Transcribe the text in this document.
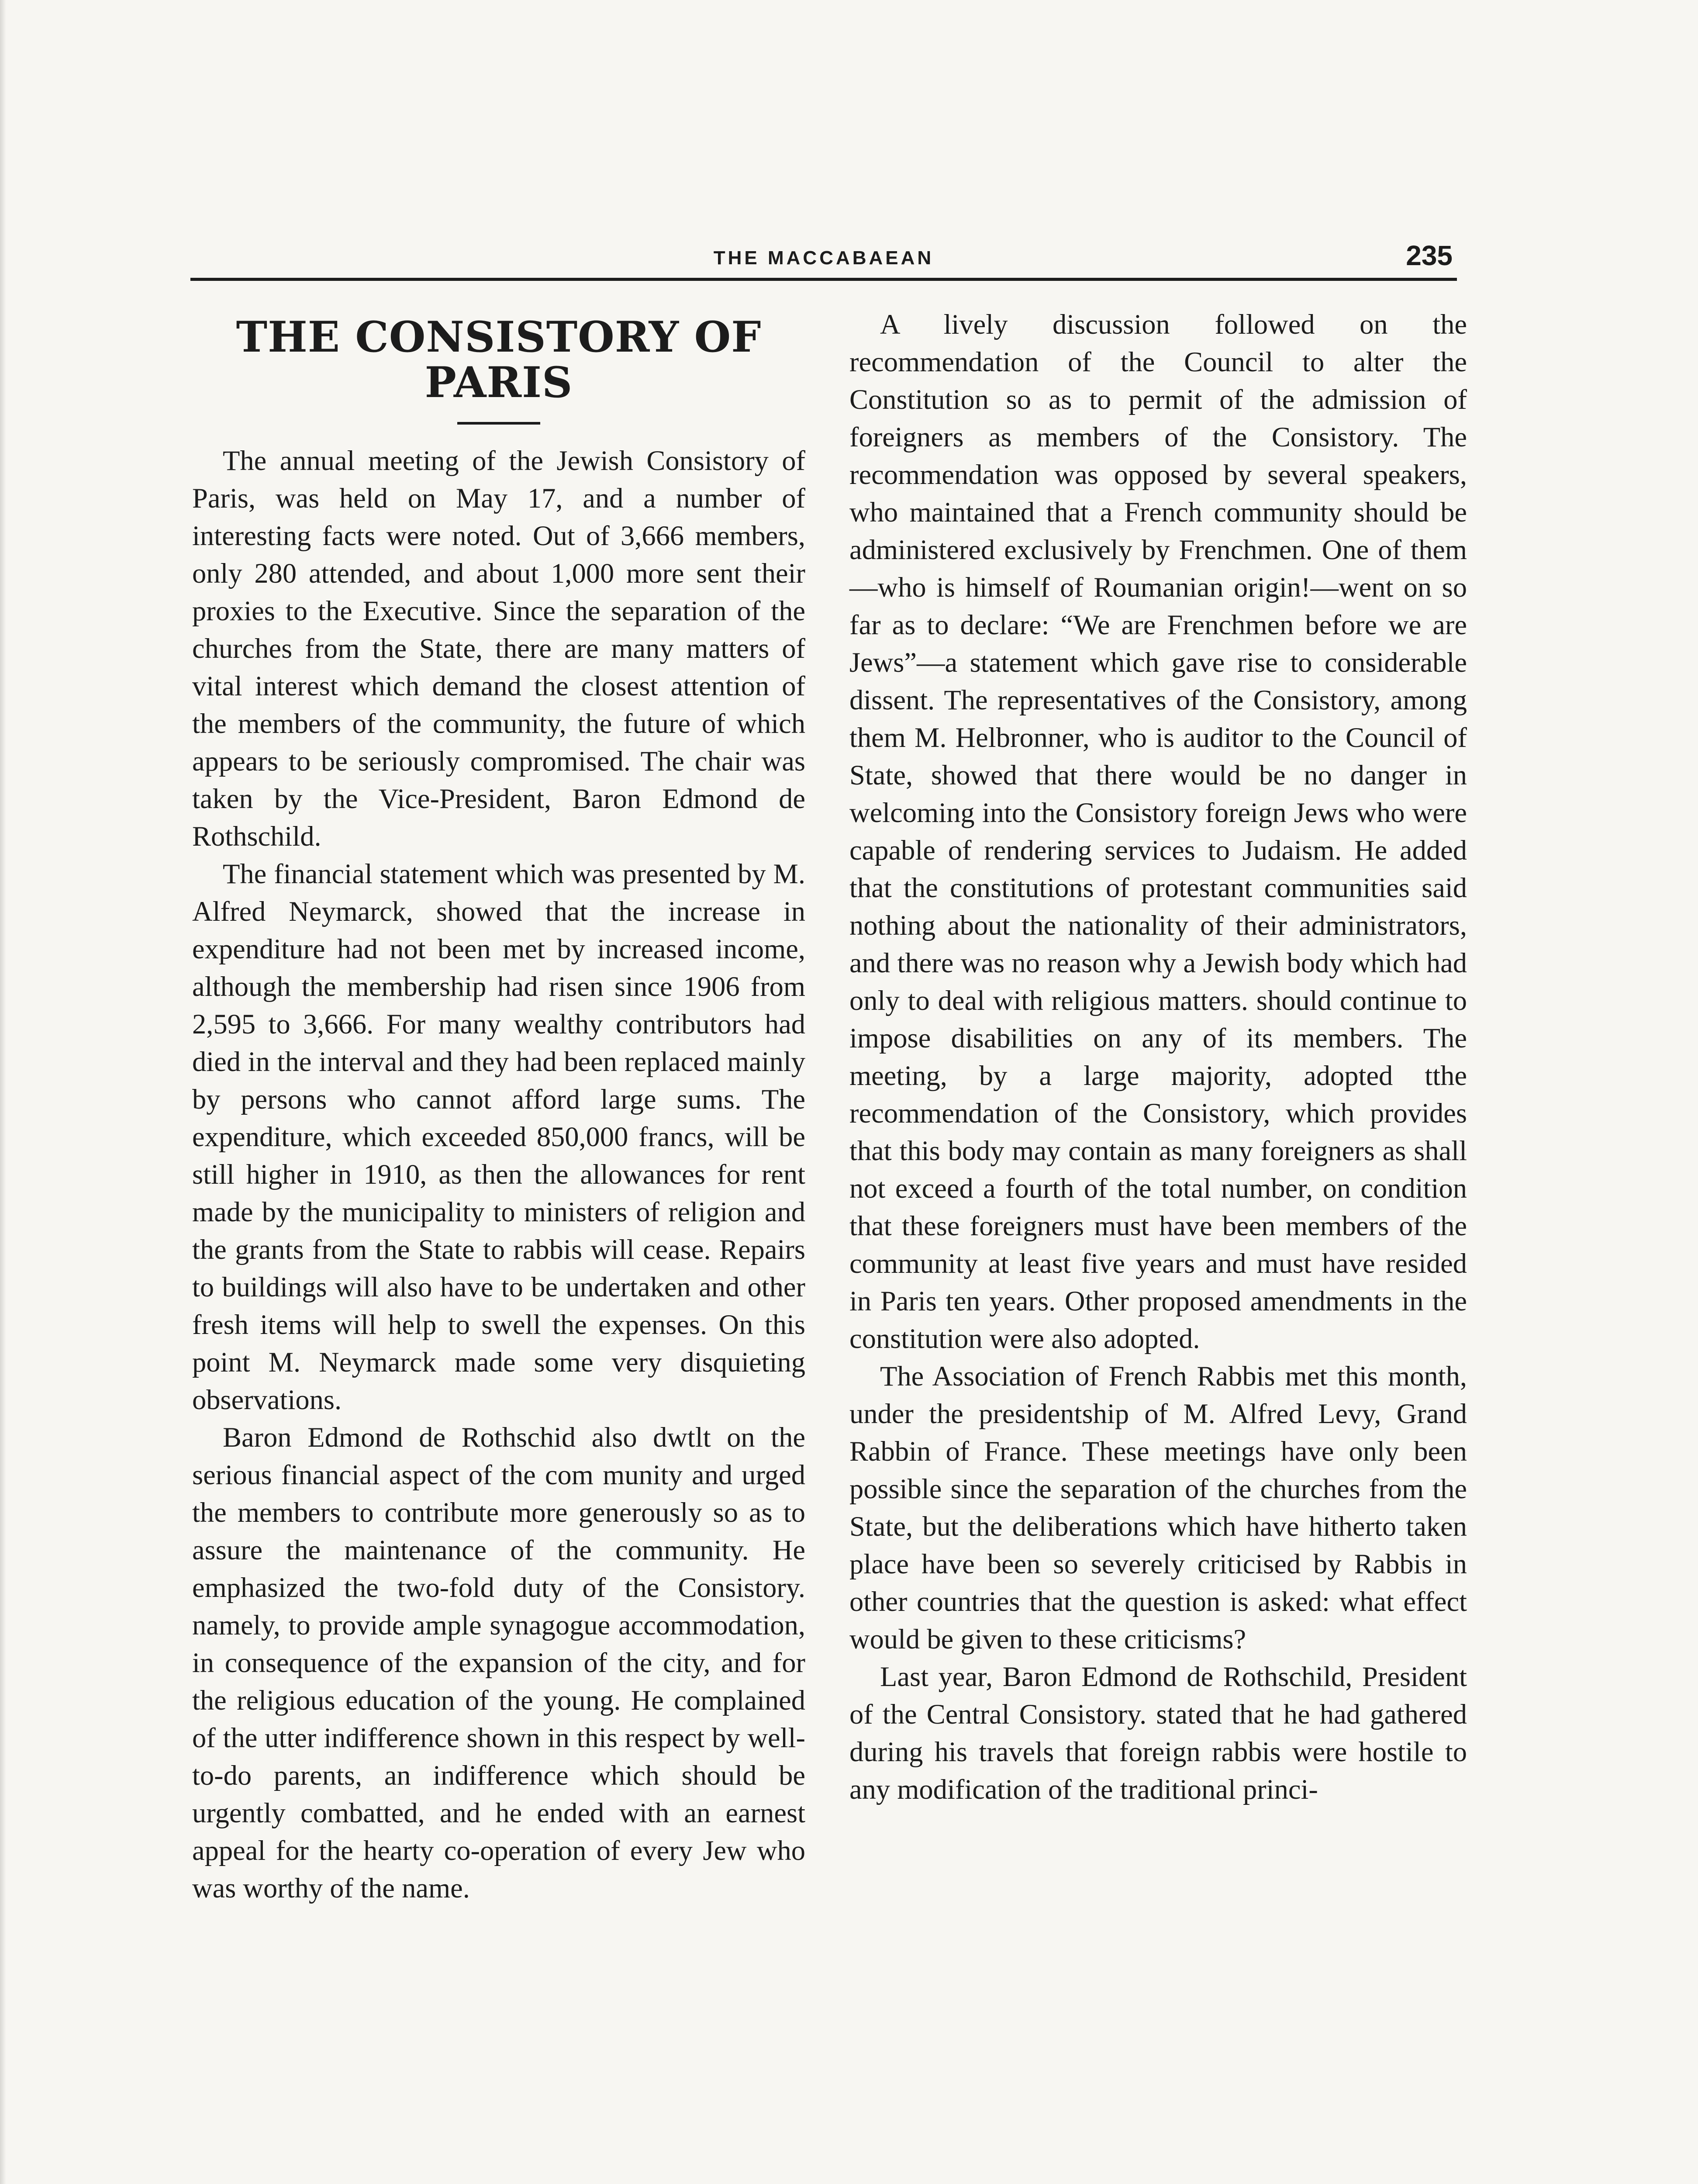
THE MACCABAEAN	235
THE CONSISTORY OF
PARIS

The annual meeting of the Jewish Consistory of Paris, was held on May 17, and a number of interesting facts were noted. Out of 3,666 members, only 280 attended, and about 1,000 more sent their proxies to the Executive. Since the separation of the churches from the State, there are many matters of vital interest which demand the closest attention of the members of the community, the future of which appears to be seriously compromised. The chair was taken by the Vice-President, Baron Edmond de Rothschild.

The financial statement which was presented by M. Alfred Neymarck, showed that the increase in expenditure had not been met by increased income, although the membership had risen since 1906 from 2,595 to 3,666. For many wealthy contributors had died in the interval and they had been replaced mainly by persons who cannot afford large sums. The expenditure, which exceeded 850,000 francs, will be still higher in 1910, as then the allowances for rent made by the municipality to ministers of religion and the grants from the State to rabbis will cease. Repairs to buildings will also have to be undertaken and other fresh items will help to swell the expenses. On this point M. Neymarck made some very disquieting observations.

Baron Edmond de Rothschid also dwtlt on the serious financial aspect of the com munity and urged the members to contribute more generously so as to assure the maintenance of the community. He emphasized the two-fold duty of the Consistory. namely, to provide ample synagogue accommodation, in consequence of the expansion of the city, and for the religious education of the young. He complained of the utter indifference shown in this respect by well-to-do parents, an indifference which should be urgently combatted, and he ended with an earnest appeal for the hearty co-operation of every Jew who was worthy of the name.

A lively discussion followed on the recommendation of the Council to alter the Constitution so as to permit of the admission of foreigners as members of the Consistory. The recommendation was opposed by several speakers, who maintained that a French community should be administered exclusively by Frenchmen. One of them—who is himself of Roumanian origin!—went on so far as to declare: “We are Frenchmen before we are Jews”—a statement which gave rise to considerable dissent. The representatives of the Consistory, among them M. Helbronner, who is auditor to the Council of State, showed that there would be no danger in welcoming into the Consistory foreign Jews who were capable of rendering services to Judaism. He added that the constitutions of protestant communities said nothing about the nationality of their administrators, and there was no reason why a Jewish body which had only to deal with religious matters. should continue to impose disabilities on any of its members. The meeting, by a large majority, adopted tthe recommendation of the Consistory, which provides that this body may contain as many foreigners as shall not exceed a fourth of the total number, on condition that these foreigners must have been members of the community at least five years and must have resided in Paris ten years. Other proposed amendments in the constitution were also adopted.

The Association of French Rabbis met this month, under the presidentship of M. Alfred Levy, Grand Rabbin of France. These meetings have only been possible since the separation of the churches from the State, but the deliberations which have hitherto taken place have been so severely criticised by Rabbis in other countries that the question is asked: what effect would be given to these criticisms?

Last year, Baron Edmond de Rothschild, President of the Central Consistory. stated that he had gathered during his travels that foreign rabbis were hostile to any modification of the traditional princi-
